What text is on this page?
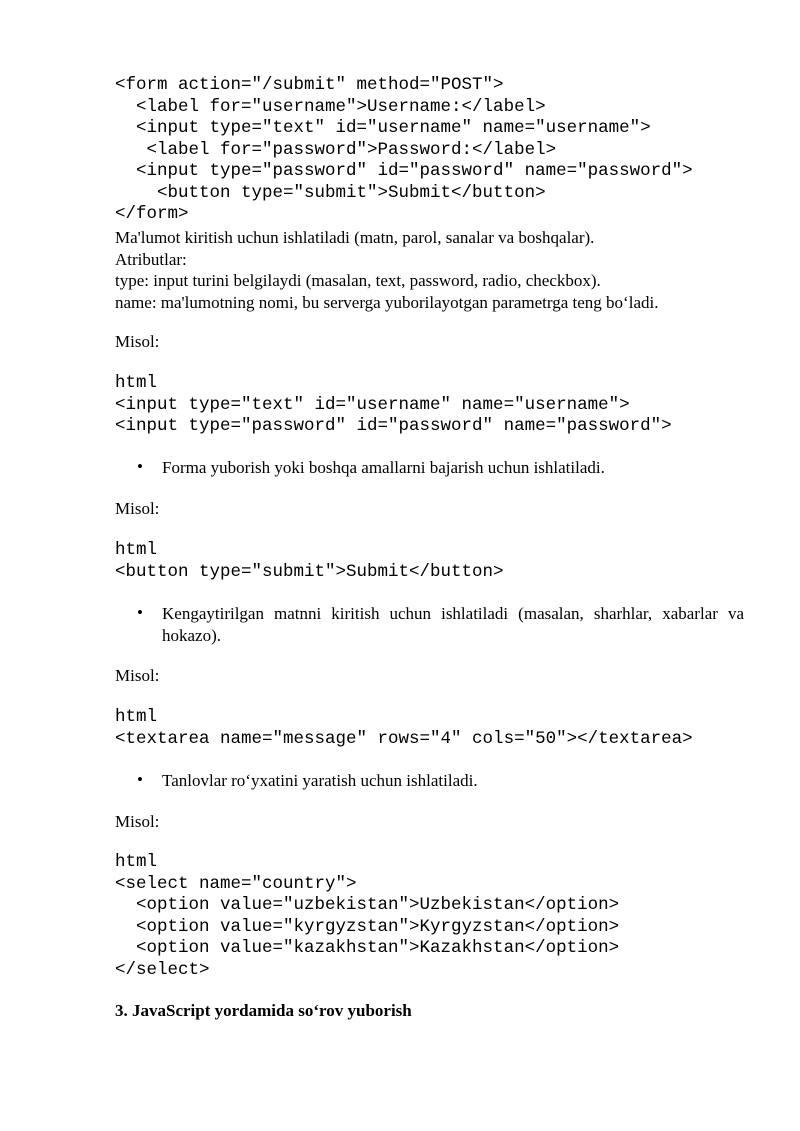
<form action="/submit" method="POST">
<label for="username">Username:</label>
<input type="text" id="username" name="username">
<label for="password">Password:</label>
<input type="password" id="password" name="password">
<button type="submit">Submit</button>
</form>
Ma'lumot kiritish uchun ishlatiladi (matn, parol, sanalar va boshqalar).
Atributlar:
type: input turini belgilaydi (masalan, text, password, radio, checkbox).
name: ma'lumotning nomi, bu serverga yuborilayotgan parametrga teng bo‘ladi.

Misol:

html
<input type="text" id="username" name="username">
<input type="password" id="password" name="password">
• Forma yuborish yoki boshqa amallarni bajarish uchun ishlatiladi.

Misol:

html
<button type="submit">Submit</button>
• Kengaytirilgan matnni kiritish uchun ishlatiladi (masalan, sharhlar, xabarlar va hokazo).

Misol:

html
<textarea name="message" rows="4" cols="50"></textarea>
• Tanlovlar ro‘yxatini yaratish uchun ishlatiladi.

Misol:

html
<select name="country">
<option value="uzbekistan">Uzbekistan</option>
<option value="kyrgyzstan">Kyrgyzstan</option>
<option value="kazakhstan">Kazakhstan</option>
</select>

3. JavaScript yordamida so‘rov yuborish
